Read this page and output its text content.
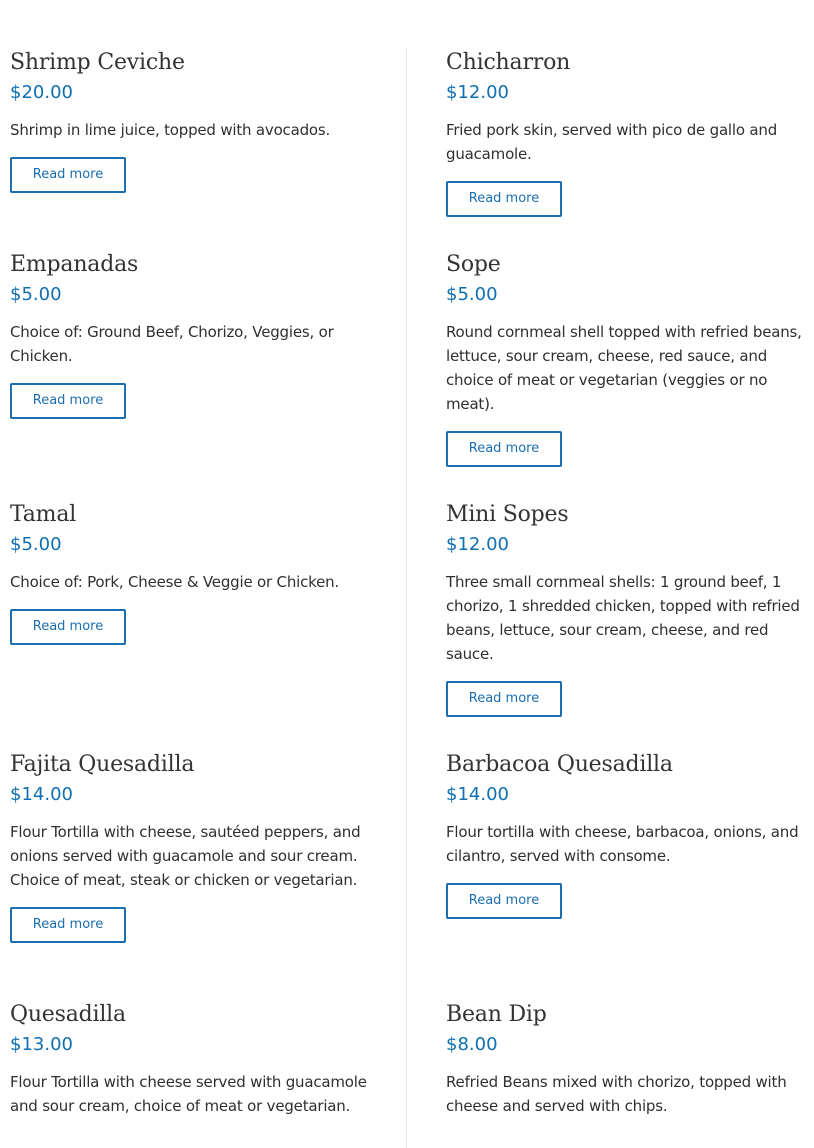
Shrimp Ceviche
$20.00
Shrimp in lime juice, topped with avocados.
Read more
Chicharron
$12.00
Fried pork skin, served with pico de gallo and guacamole.
Read more
Empanadas
$5.00
Choice of: Ground Beef, Chorizo, Veggies, or Chicken.
Read more
Sope
$5.00
Round cornmeal shell topped with refried beans, lettuce, sour cream, cheese, red sauce, and choice of meat or vegetarian (veggies or no meat).
Read more
Tamal
$5.00
Choice of: Pork, Cheese & Veggie or Chicken.
Read more
Mini Sopes
$12.00
Three small cornmeal shells: 1 ground beef, 1 chorizo, 1 shredded chicken, topped with refried beans, lettuce, sour cream, cheese, and red sauce.
Read more
Fajita Quesadilla
$14.00
Flour Tortilla with cheese, sautéed peppers, and onions served with guacamole and sour cream. Choice of meat, steak or chicken or vegetarian.
Read more
Barbacoa Quesadilla
$14.00
Flour tortilla with cheese, barbacoa, onions, and cilantro, served with consome.
Read more
Quesadilla
$13.00
Flour Tortilla with cheese served with guacamole and sour cream, choice of meat or vegetarian.
Bean Dip
$8.00
Refried Beans mixed with chorizo, topped with cheese and served with chips.
